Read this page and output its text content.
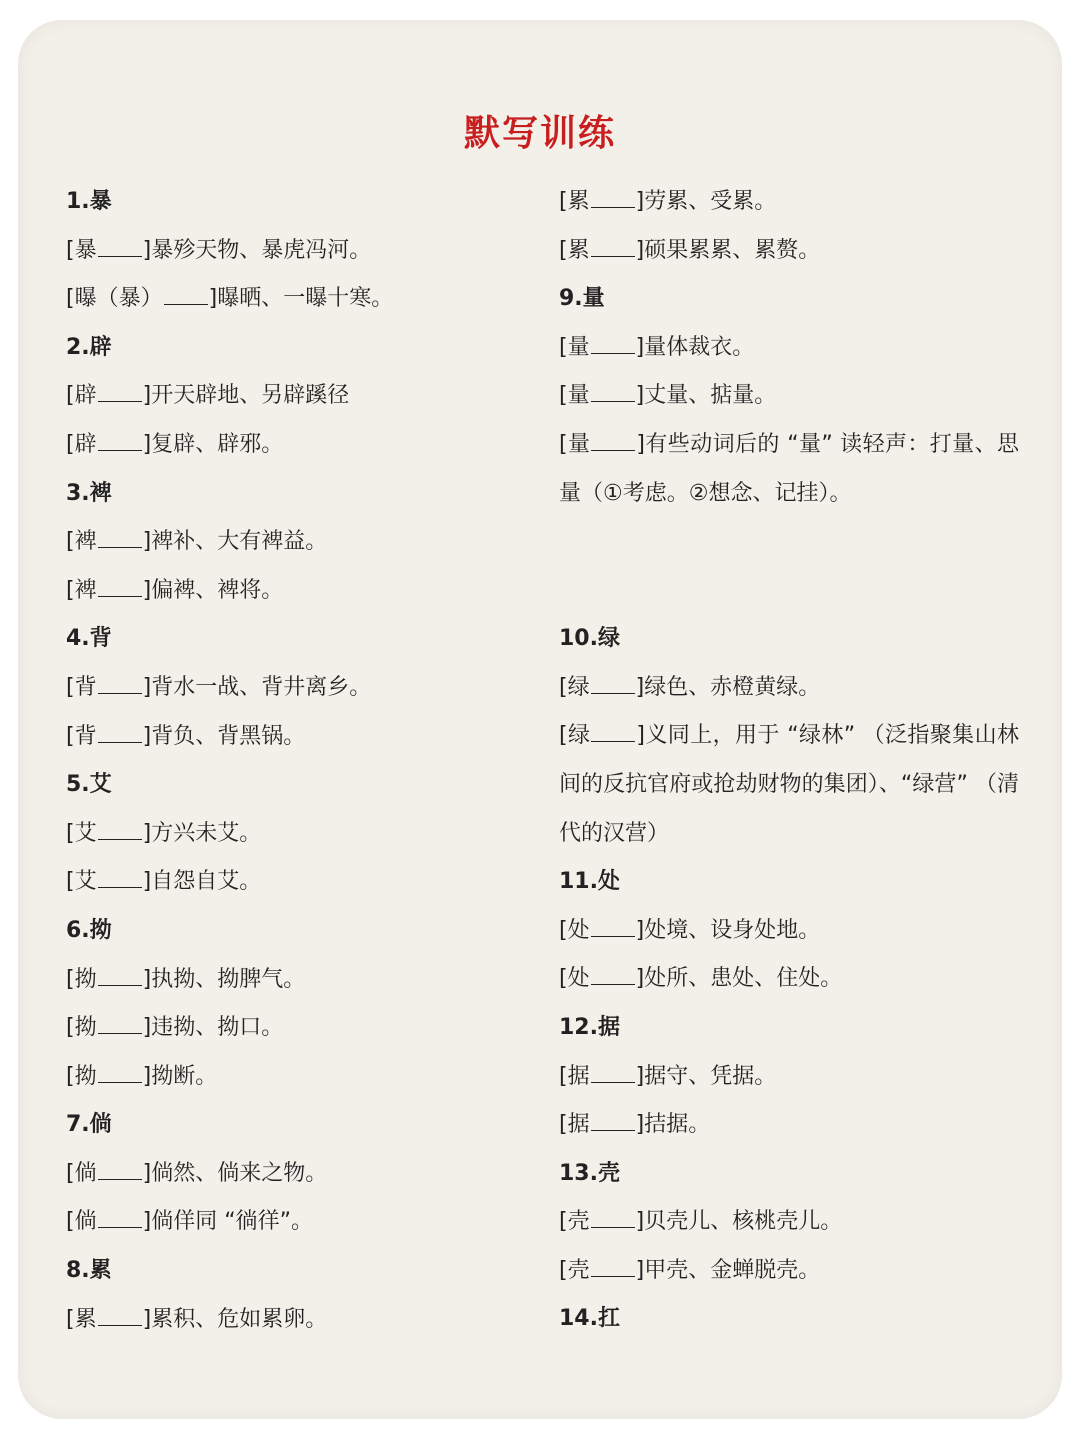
默写训练
1.暴
[暴 ]暴殄天物、暴虎冯河。
[曝（暴） ]曝晒、一曝十寒。
2.辟
[辟 ]开天辟地、另辟蹊径
[辟 ]复辟、辟邪。
3.裨
[裨 ]裨补、大有裨益。
[裨 ]偏裨、裨将。
4.背
[背 ]背水一战、背井离乡。
[背 ]背负、背黑锅。
5.艾
[艾 ]方兴未艾。
[艾 ]自怨自艾。
6.拗
[拗 ]执拗、拗脾气。
[拗 ]违拗、拗口。
[拗 ]拗断。
7.倘
[倘 ]倘然、倘来之物。
[倘 ]倘佯同 “徜徉”。
8.累
[累 ]累积、危如累卵。
[累 ]劳累、受累。
[累 ]硕果累累、累赘。
9.量
[量 ]量体裁衣。
[量 ]丈量、掂量。
[量 ]有些动词后的 “量” 读轻声：打量、思量（①考虑。②想念、记挂）。
10.绿
[绿 ]绿色、赤橙黄绿。
[绿 ]义同上，用于 “绿林” （泛指聚集山林间的反抗官府或抢劫财物的集团）、“绿营” （清代的汉营）
11.处
[处 ]处境、设身处地。
[处 ]处所、患处、住处。
12.据
[据 ]据守、凭据。
[据 ]拮据。
13.壳
[壳 ]贝壳儿、核桃壳儿。
[壳 ]甲壳、金蝉脱壳。
14.扛
